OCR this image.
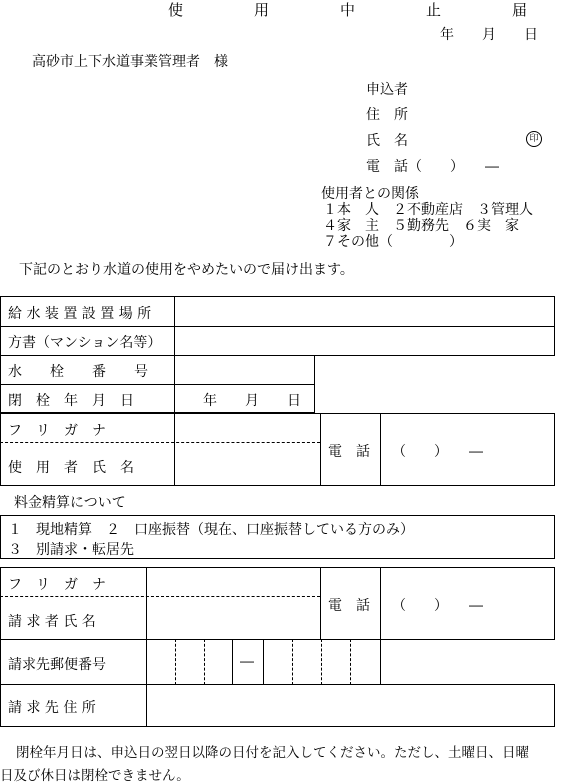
使　用　中　止　届
年　　月　　日
高砂市上下水道事業管理者　様
申込者
住　所
氏　名	印
電　話（　　）　　―
使用者との関係
１本　人　２不動産店　３管理人
４家　主　５勤務先　６実　家
７その他（　　　　）
下記のとおり水道の使用をやめたいので届け出ます。
給 水 装 置 設 置 場 所
方書（マンション名等）
水　　栓　　番　　号
閉　栓　年　月　日	年　　月　　日
フ　リ　ガ　ナ
使　用　者　氏　名
電　話 （　　）　　―
料金精算について
１　現地精算　２　口座振替（現在、口座振替している方のみ）
３　別請求・転居先
フ　リ　ガ　ナ
請 求 者 氏 名
電　話 （　　）　　―
請求先郵便番号	―
請 求 先 住 所
閉栓年月日は、申込日の翌日以降の日付を記入してください。ただし、土曜日、日曜
日及び休日は閉栓できません。
